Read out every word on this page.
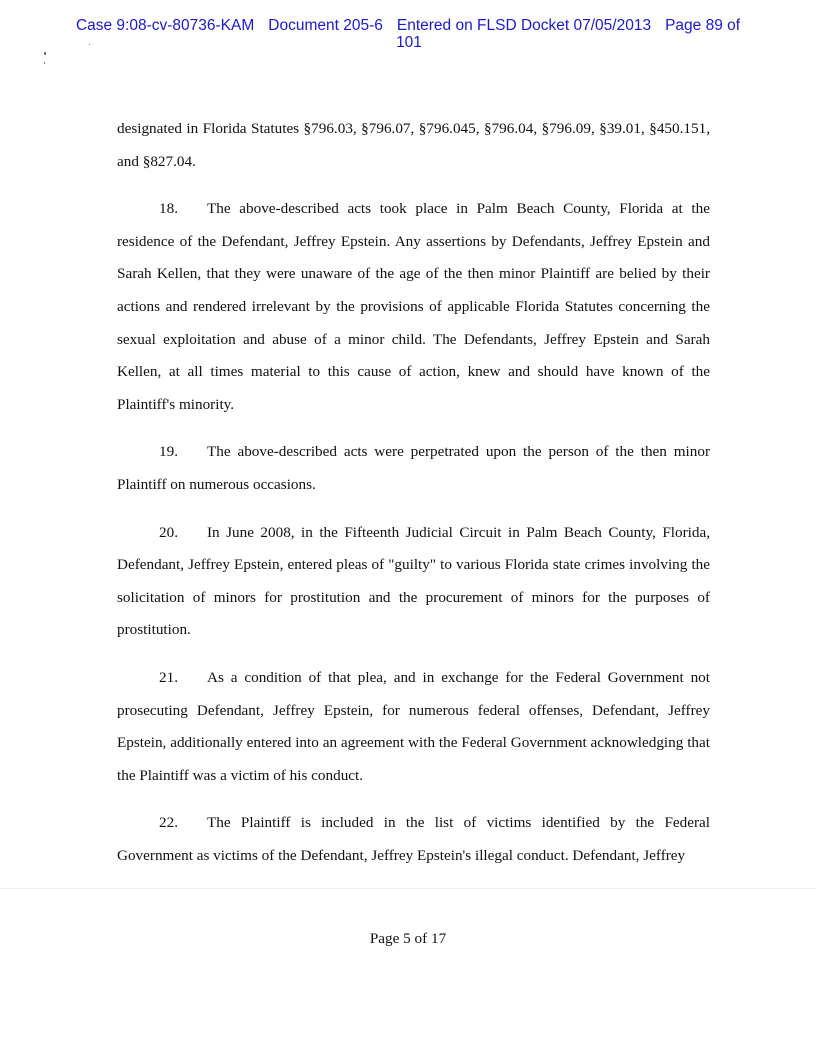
Case 9:08-cv-80736-KAM Document 205-6 Entered on FLSD Docket 07/05/2013 Page 89 of
101

designated in Florida Statutes §796.03, §796.07, §796.045, §796.04, §796.09, §39.01, §450.151, and §827.04.

18. The above-described acts took place in Palm Beach County, Florida at the residence of the Defendant, Jeffrey Epstein. Any assertions by Defendants, Jeffrey Epstein and Sarah Kellen, that they were unaware of the age of the then minor Plaintiff are belied by their actions and rendered irrelevant by the provisions of applicable Florida Statutes concerning the sexual exploitation and abuse of a minor child. The Defendants, Jeffrey Epstein and Sarah Kellen, at all times material to this cause of action, knew and should have known of the Plaintiff's minority.

19. The above-described acts were perpetrated upon the person of the then minor Plaintiff on numerous occasions.

20. In June 2008, in the Fifteenth Judicial Circuit in Palm Beach County, Florida, Defendant, Jeffrey Epstein, entered pleas of "guilty" to various Florida state crimes involving the solicitation of minors for prostitution and the procurement of minors for the purposes of prostitution.

21. As a condition of that plea, and in exchange for the Federal Government not prosecuting Defendant, Jeffrey Epstein, for numerous federal offenses, Defendant, Jeffrey Epstein, additionally entered into an agreement with the Federal Government acknowledging that the Plaintiff was a victim of his conduct.

22. The Plaintiff is included in the list of victims identified by the Federal Government as victims of the Defendant, Jeffrey Epstein's illegal conduct. Defendant, Jeffrey

Page 5 of 17
